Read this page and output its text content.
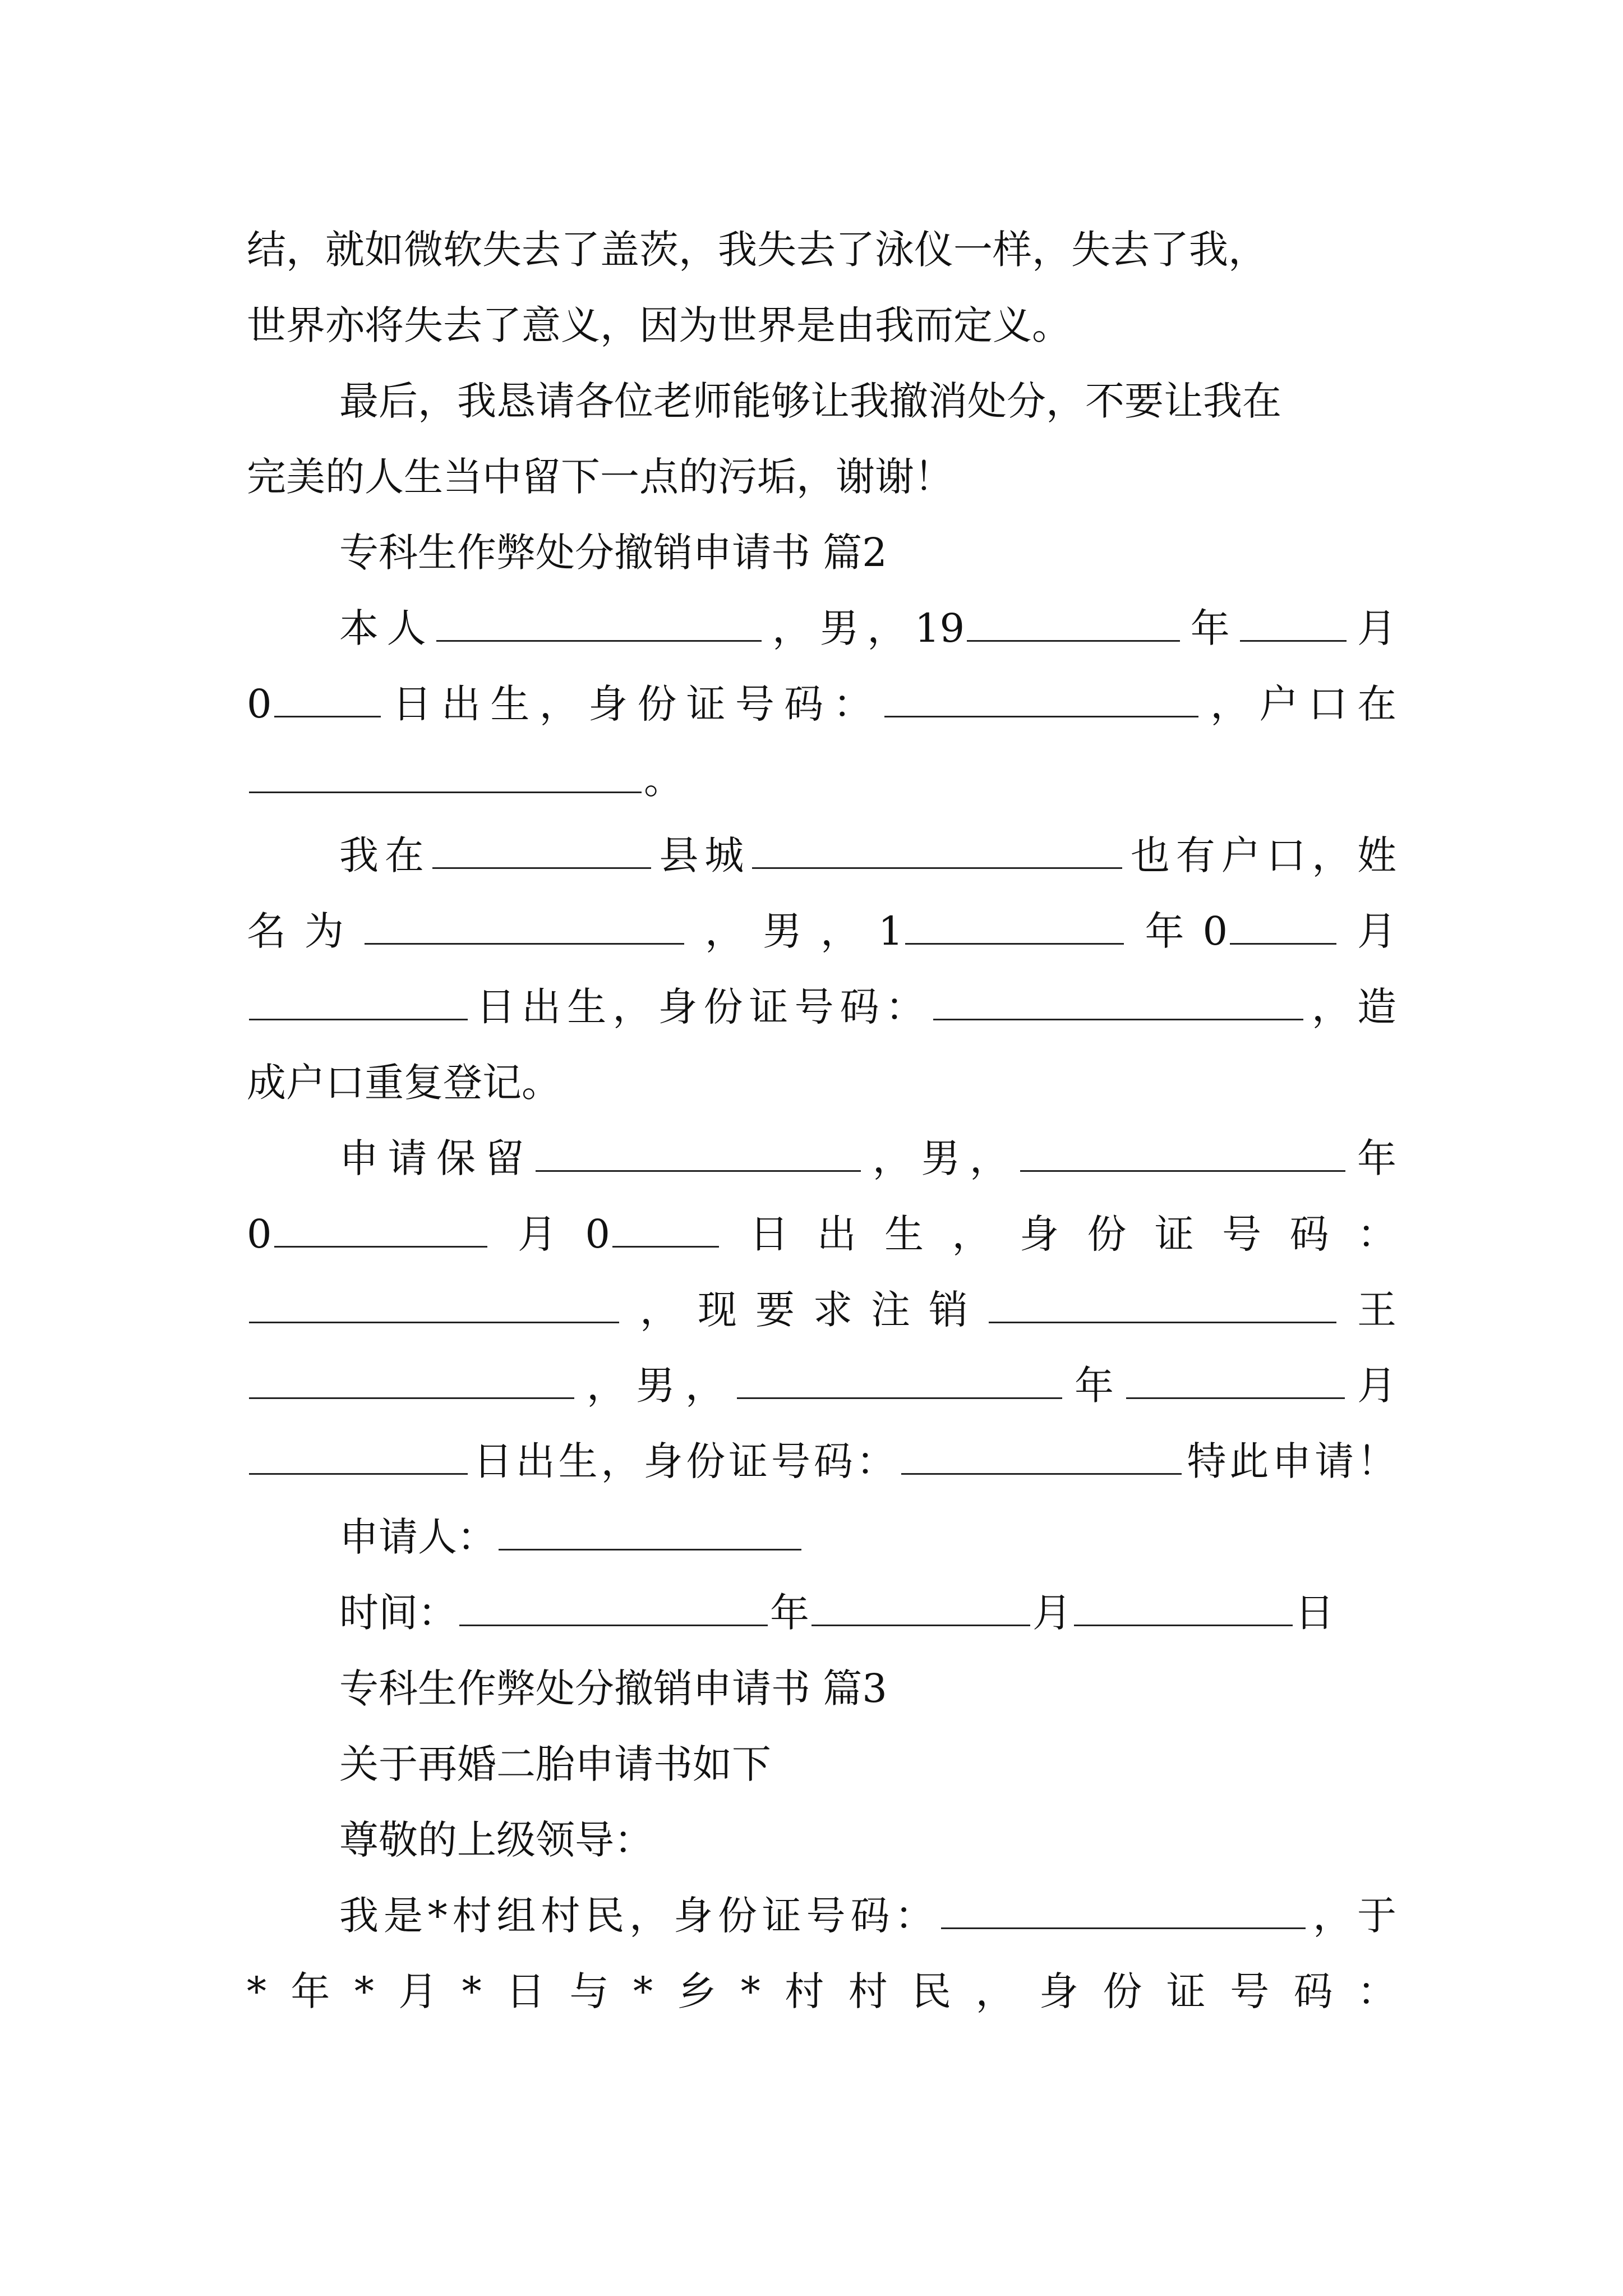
结，就如微软失去了盖茨，我失去了泳仪一样，失去了我，
世界亦将失去了意义，因为世界是由我而定义。
最后，我恳请各位老师能够让我撤消处分，不要让我在
完美的人生当中留下一点的污垢，谢谢！
专科生作弊处分撤销申请书 篇2
本人	，男，19	年	月
0	日出生，身份证号码：	，户口在
。
我在	县城	也有户口，姓
名为	，男，1	年0	月
日出生，身份证号码：	，造
成户口重复登记。
申请保留	，男，	年
0	月0	日出生，身份证号码：
，现要求注销	王
，男，	年	月
日出生，身份证号码：	特此申请！
申请人：
时间：	年	月	日
专科生作弊处分撤销申请书 篇3
关于再婚二胎申请书如下
尊敬的上级领导：
我是*村组村民，身份证号码：	，于
*年*月*日与*乡*村村民，身份证号码：
